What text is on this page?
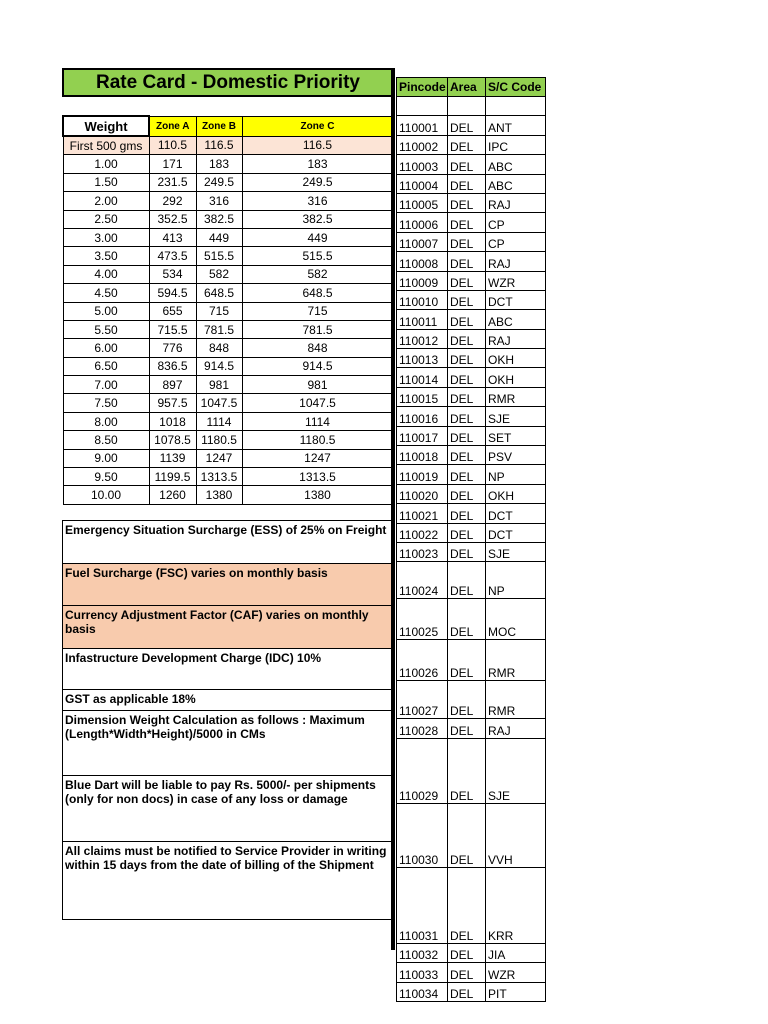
Rate Card - Domestic Priority
Weight	Zone A	Zone B	Zone C
First 500 gms	110.5	116.5	116.5
1.00	171	183	183
1.50	231.5	249.5	249.5
2.00	292	316	316
2.50	352.5	382.5	382.5
3.00	413	449	449
3.50	473.5	515.5	515.5
4.00	534	582	582
4.50	594.5	648.5	648.5
5.00	655	715	715
5.50	715.5	781.5	781.5
6.00	776	848	848
6.50	836.5	914.5	914.5
7.00	897	981	981
7.50	957.5	1047.5	1047.5
8.00	1018	1114	1114
8.50	1078.5	1180.5	1180.5
9.00	1139	1247	1247
9.50	1199.5	1313.5	1313.5
10.00	1260	1380	1380
Emergency Situation Surcharge (ESS) of 25% on Freight
Fuel Surcharge (FSC) varies on monthly basis
Currency Adjustment Factor (CAF) varies on monthly basis
Infastructure Development Charge (IDC) 10%
GST as applicable 18%
Dimension Weight Calculation as follows : Maximum (Length*Width*Height)/5000 in CMs
Blue Dart will be liable to pay Rs. 5000/- per shipments (only for non docs) in case of any loss or damage
All claims must be notified to Service Provider in writing within 15 days from the date of billing of the Shipment
Pincode	Area	S/C Code

110001	DEL	ANT
110002	DEL	IPC
110003	DEL	ABC
110004	DEL	ABC
110005	DEL	RAJ
110006	DEL	CP
110007	DEL	CP
110008	DEL	RAJ
110009	DEL	WZR
110010	DEL	DCT
110011	DEL	ABC
110012	DEL	RAJ
110013	DEL	OKH
110014	DEL	OKH
110015	DEL	RMR
110016	DEL	SJE
110017	DEL	SET
110018	DEL	PSV
110019	DEL	NP
110020	DEL	OKH
110021	DEL	DCT
110022	DEL	DCT
110023	DEL	SJE
110024	DEL	NP
110025	DEL	MOC
110026	DEL	RMR
110027	DEL	RMR
110028	DEL	RAJ
110029	DEL	SJE
110030	DEL	VVH
110031	DEL	KRR
110032	DEL	JIA
110033	DEL	WZR
110034	DEL	PIT
